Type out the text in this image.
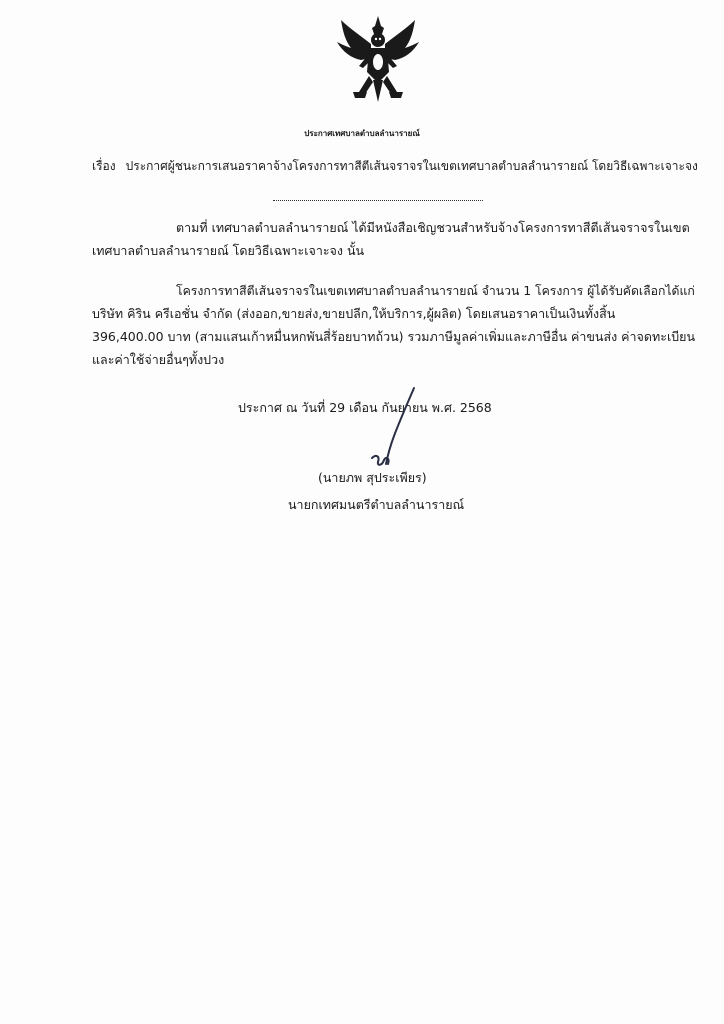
ประกาศเทศบาลตำบลลำนารายณ์
เรื่อง ประกาศผู้ชนะการเสนอราคาจ้างโครงการทาสีตีเส้นจราจรในเขตเทศบาลตำบลลำนารายณ์ โดยวิธีเฉพาะเจาะจง
ตามที่ เทศบาลตำบลลำนารายณ์ ได้มีหนังสือเชิญชวนสำหรับจ้างโครงการทาสีตีเส้นจราจรในเขต
เทศบาลตำบลลำนารายณ์ โดยวิธีเฉพาะเจาะจง นั้น
โครงการทาสีตีเส้นจราจรในเขตเทศบาลตำบลลำนารายณ์ จำนวน 1 โครงการ ผู้ได้รับคัดเลือกได้แก่
บริษัท คิริน ครีเอชั่น จำกัด (ส่งออก,ขายส่ง,ขายปลีก,ให้บริการ,ผู้ผลิต) โดยเสนอราคาเป็นเงินทั้งสิ้น
396,400.00 บาท (สามแสนเก้าหมื่นหกพันสี่ร้อยบาทถ้วน) รวมภาษีมูลค่าเพิ่มและภาษีอื่น ค่าขนส่ง ค่าจดทะเบียน
และค่าใช้จ่ายอื่นๆทั้งปวง
ประกาศ ณ วันที่ 29 เดือน กันยายน พ.ศ. 2568
(นายภพ สุประเพียร)
นายกเทศมนตรีตำบลลำนารายณ์
